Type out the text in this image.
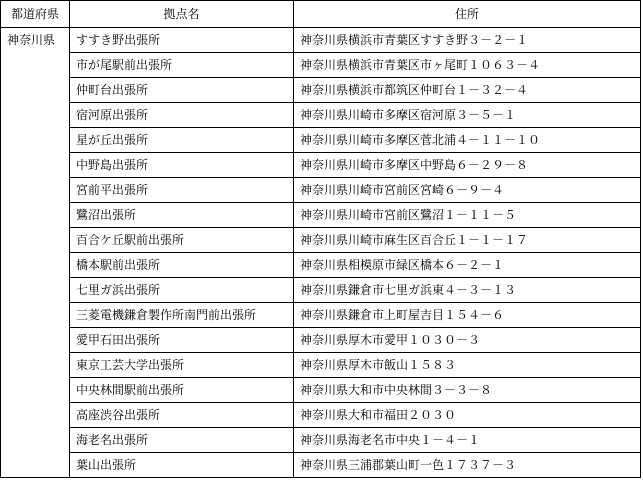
都道府県	拠点名	住所
神奈川県	すすき野出張所	神奈川県横浜市青葉区すすき野３－２－１
	市が尾駅前出張所	神奈川県横浜市青葉区市ヶ尾町１０６３－４
	仲町台出張所	神奈川県横浜市都筑区仲町台１－３２－４
	宿河原出張所	神奈川県川崎市多摩区宿河原３－５－１
	星が丘出張所	神奈川県川崎市多摩区菅北浦４－１１－１０
	中野島出張所	神奈川県川崎市多摩区中野島６－２９－８
	宮前平出張所	神奈川県川崎市宮前区宮崎６－９－４
	鷺沼出張所	神奈川県川崎市宮前区鷺沼１－１１－５
	百合ケ丘駅前出張所	神奈川県川崎市麻生区百合丘１－１－１７
	橋本駅前出張所	神奈川県相模原市緑区橋本６－２－１
	七里ガ浜出張所	神奈川県鎌倉市七里ガ浜東４－３－１３
	三菱電機鎌倉製作所南門前出張所	神奈川県鎌倉市上町屋吉目１５４－６
	愛甲石田出張所	神奈川県厚木市愛甲１０３０－３
	東京工芸大学出張所	神奈川県厚木市飯山１５８３
	中央林間駅前出張所	神奈川県大和市中央林間３－３－８
	高座渋谷出張所	神奈川県大和市福田２０３０
	海老名出張所	神奈川県海老名市中央１－４－１
	葉山出張所	神奈川県三浦郡葉山町一色１７３７－３
